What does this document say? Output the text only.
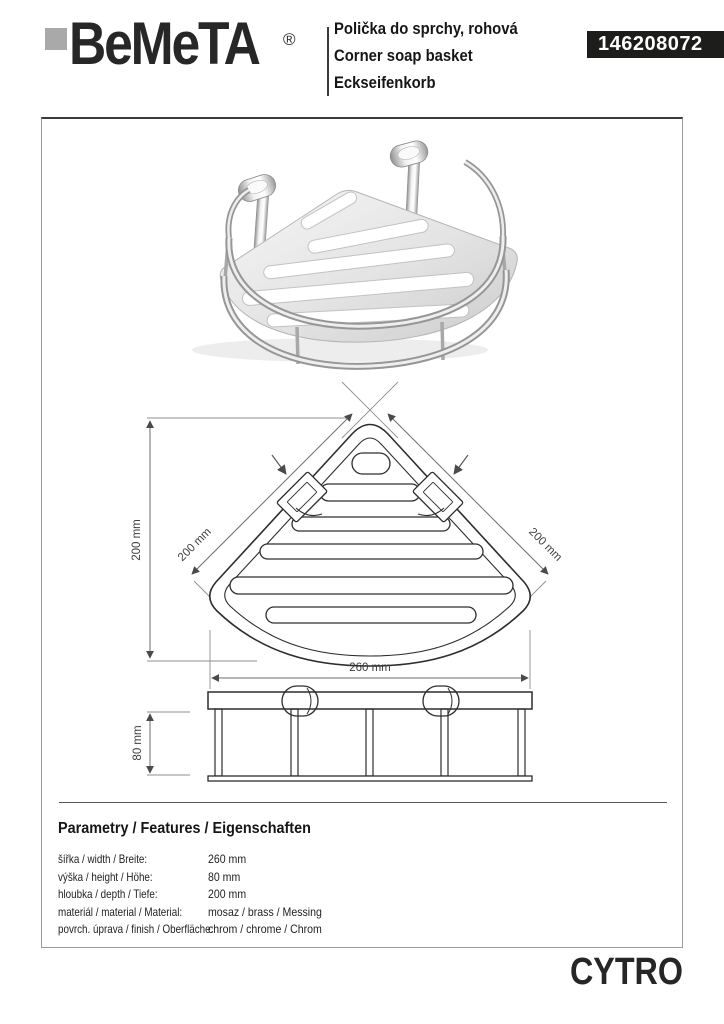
BeMeTA ®
Polička do sprchy, rohová
Corner soap basket
Eckseifenkorb
146208072
200 mm	200 mm	200 mm
260 mm
80 mm
Parametry / Features / Eigenschaften
šířka / width / Breite:	260 mm
výška / height / Höhe:	80 mm
hloubka / depth / Tiefe:	200 mm
materiál / material / Material: mosaz / brass / Messing
povrch. úprava / finish / Oberfläche:
chrom / chrome / Chrom
CYTRO
